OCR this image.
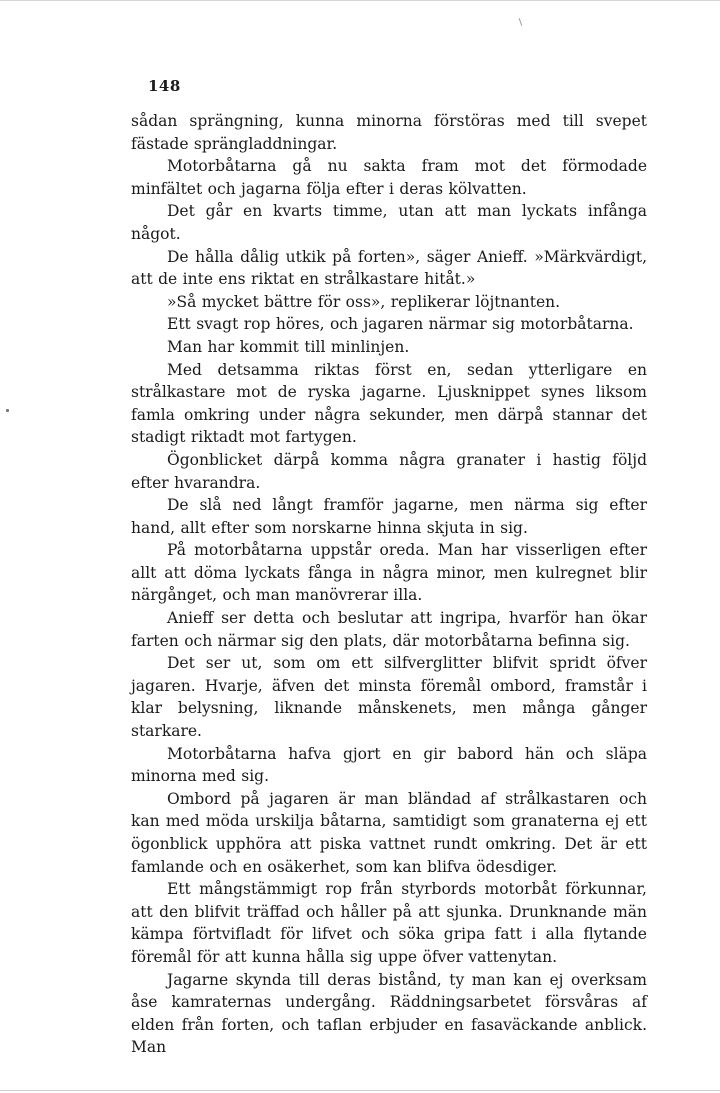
148

sådan sprängning, kunna minorna förstöras med till svepet fästade sprängladdningar.

Motorbåtarna gå nu sakta fram mot det förmodade minfältet och jagarna följa efter i deras kölvatten.

Det går en kvarts timme, utan att man lyckats infånga något.

De hålla dålig utkik på forten», säger Anieff. »Märkvärdigt, att de inte ens riktat en strålkastare hitåt.»

»Så mycket bättre för oss», replikerar löjtnanten.

Ett svagt rop höres, och jagaren närmar sig motorbåtarna.

Man har kommit till minlinjen.

Med detsamma riktas först en, sedan ytterligare en strålkastare mot de ryska jagarne. Ljusknippet synes liksom famla omkring under några sekunder, men därpå stannar det stadigt riktadt mot fartygen.

Ögonblicket därpå komma några granater i hastig följd efter hvarandra.

De slå ned långt framför jagarne, men närma sig efter hand, allt efter som norskarne hinna skjuta in sig.

På motorbåtarna uppstår oreda. Man har visserligen efter allt att döma lyckats fånga in några minor, men kulregnet blir närgånget, och man manövrerar illa.

Anieff ser detta och beslutar att ingripa, hvarför han ökar farten och närmar sig den plats, där motorbåtarna befinna sig.

Det ser ut, som om ett silfverglitter blifvit spridt öfver jagaren. Hvarje, äfven det minsta föremål ombord, framstår i klar belysning, liknande månskenets, men många gånger starkare.

Motorbåtarna hafva gjort en gir babord hän och släpa minorna med sig.

Ombord på jagaren är man bländad af strålkastaren och kan med möda urskilja båtarna, samtidigt som granaterna ej ett ögonblick upphöra att piska vattnet rundt omkring. Det är ett famlande och en osäkerhet, som kan blifva ödesdiger.

Ett mångstämmigt rop från styrbords motorbåt förkunnar, att den blifvit träffad och håller på att sjunka. Drunknande män kämpa förtvifladt för lifvet och söka gripa fatt i alla flytande föremål för att kunna hålla sig uppe öfver vattenytan.

Jagarne skynda till deras bistånd, ty man kan ej overksam åse kamraternas undergång. Räddningsarbetet försvåras af elden från forten, och taflan erbjuder en fasaväckande anblick. Man
